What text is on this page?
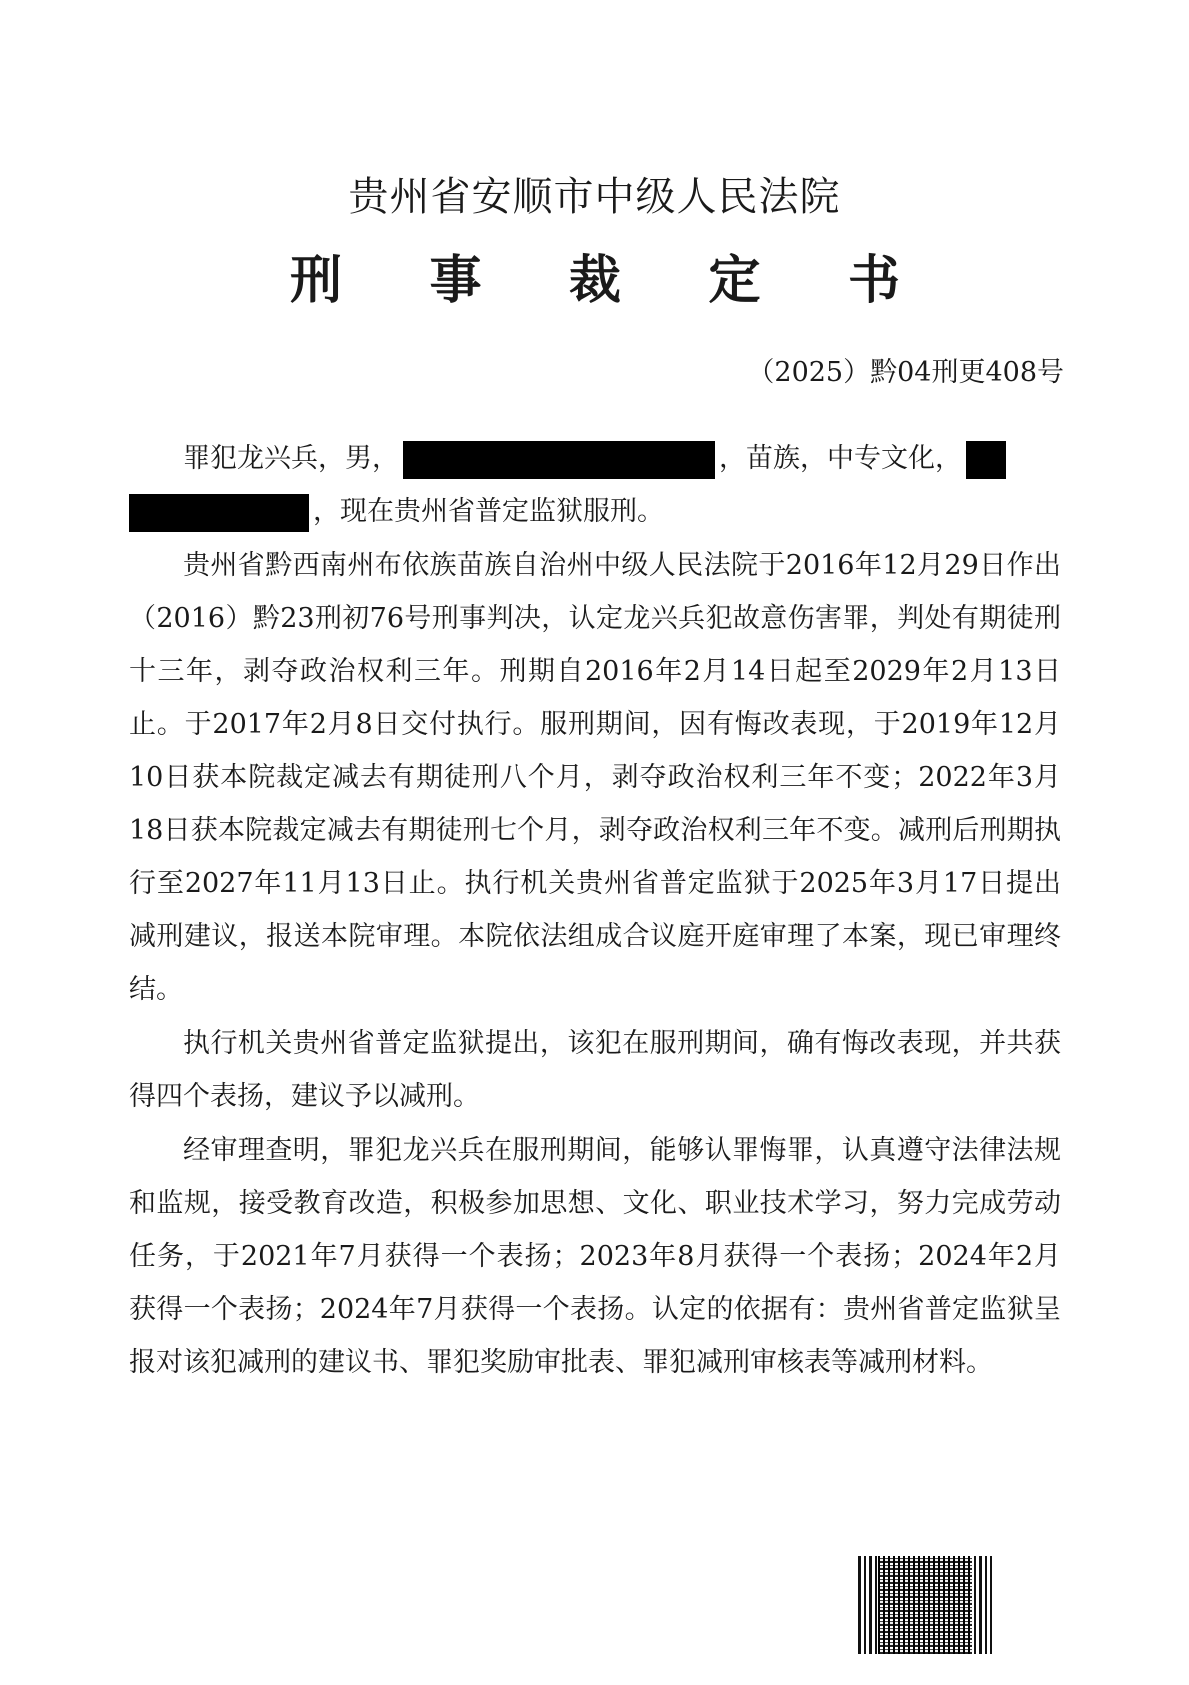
贵州省安顺市中级人民法院
刑 事 裁 定 书
（2025）黔04刑更408号

罪犯龙兴兵，男，	，苗族，中专文化，
，现在贵州省普定监狱服刑。

贵州省黔西南州布依族苗族自治州中级人民法院于2016年12月29日作出（2016）黔23刑初76号刑事判决，认定龙兴兵犯故意伤害罪，判处有期徒刑十三年，剥夺政治权利三年。刑期自2016年2月14日起至2029年2月13日止。于2017年2月8日交付执行。服刑期间，因有悔改表现，于2019年12月10日获本院裁定减去有期徒刑八个月，剥夺政治权利三年不变；2022年3月18日获本院裁定减去有期徒刑七个月，剥夺政治权利三年不变。减刑后刑期执行至2027年11月13日止。执行机关贵州省普定监狱于2025年3月17日提出减刑建议，报送本院审理。本院依法组成合议庭开庭审理了本案，现已审理终结。

执行机关贵州省普定监狱提出，该犯在服刑期间，确有悔改表现，并共获得四个表扬，建议予以减刑。

经审理查明，罪犯龙兴兵在服刑期间，能够认罪悔罪，认真遵守法律法规和监规，接受教育改造，积极参加思想、文化、职业技术学习，努力完成劳动任务，于2021年7月获得一个表扬；2023年8月获得一个表扬；2024年2月获得一个表扬；2024年7月获得一个表扬。认定的依据有：贵州省普定监狱呈报对该犯减刑的建议书、罪犯奖励审批表、罪犯减刑审核表等减刑材料。
